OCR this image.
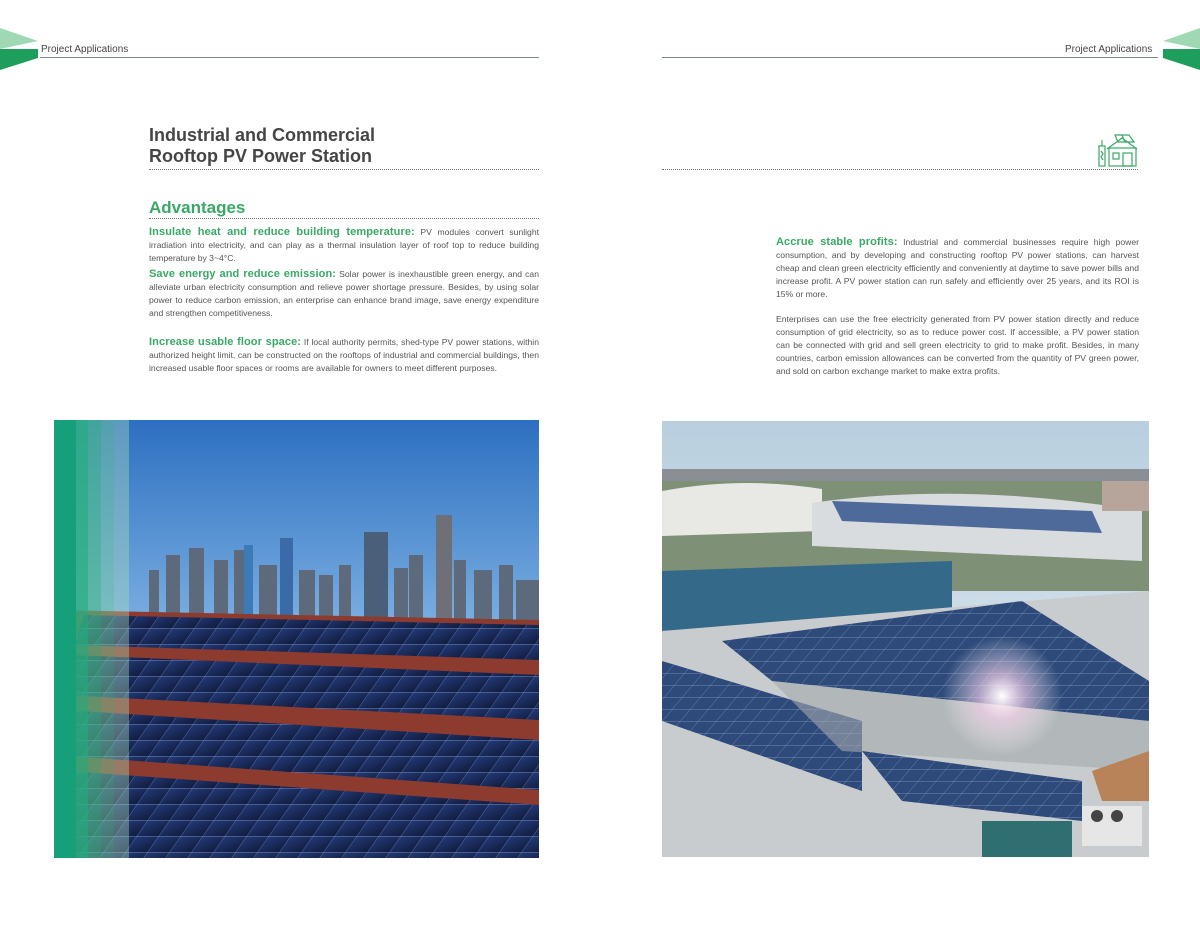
Project Applications	Project Applications
Industrial and Commercial
Rooftop PV Power Station
Advantages
Insulate heat and reduce building temperature: PV modules convert sunlight irradiation into electricity, and can play as a thermal insulation layer of roof top to reduce building temperature by 3~4°C.
Save energy and reduce emission: Solar power is inexhaustible green energy, and can alleviate urban electricity consumption and relieve power shortage pressure. Besides, by using solar power to reduce carbon emission, an enterprise can enhance brand image, save energy expenditure and strengthen competitiveness.
Increase usable floor space: If local authority permits, shed-type PV power stations, within authorized height limit, can be constructed on the rooftops of industrial and commercial buildings, then increased usable floor spaces or rooms are available for owners to meet different purposes.
Accrue stable profits: Industrial and commercial businesses require high power consumption, and by developing and constructing rooftop PV power stations, can harvest cheap and clean green electricity efficiently and conveniently at daytime to save power bills and increase profit. A PV power station can run safely and efficiently over 25 years, and its ROI is 15% or more.
Enterprises can use the free electricity generated from PV power station directly and reduce consumption of grid electricity, so as to reduce power cost. If accessible, a PV power station can be connected with grid and sell green electricity to grid to make profit. Besides, in many countries, carbon emission allowances can be converted from the quantity of PV green power, and sold on carbon exchange market to make extra profits.
